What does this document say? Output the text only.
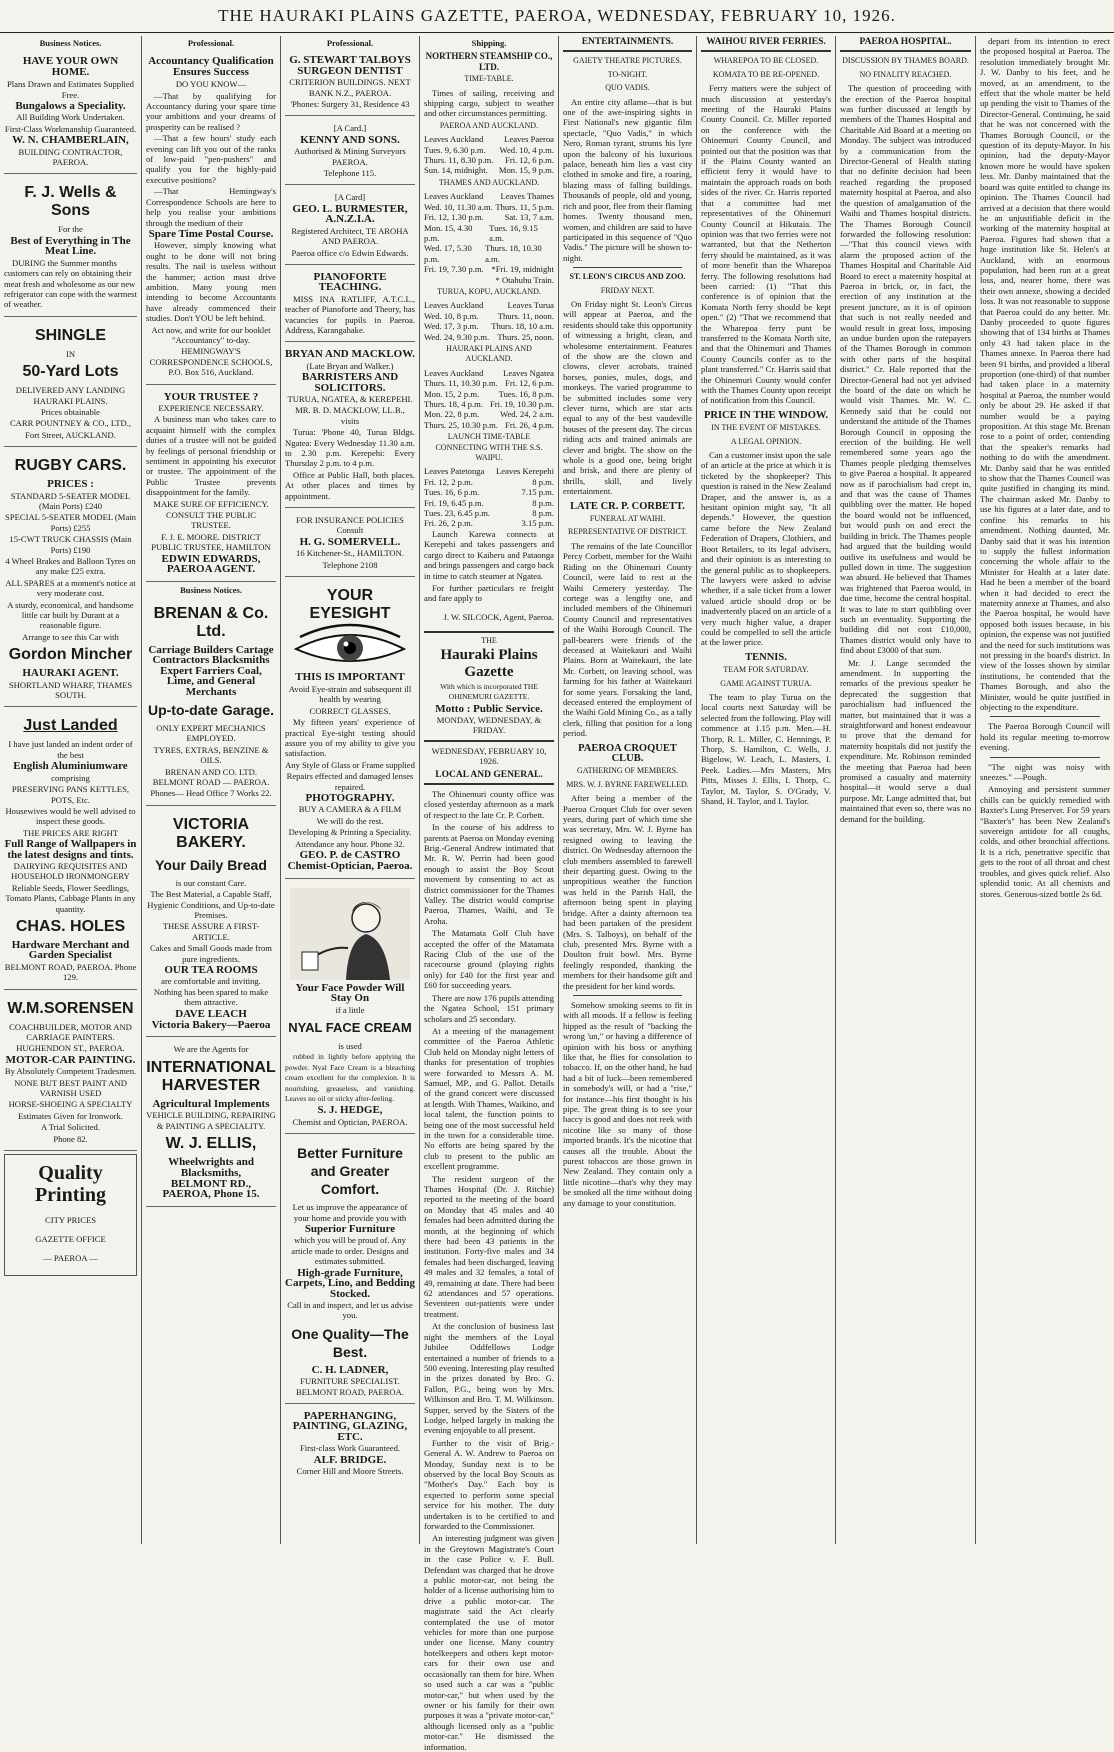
THE HAURAKI PLAINS GAZETTE, PAEROA, WEDNESDAY, FEBRUARY 10, 1926.
Business Notices.
HAVE YOUR OWN HOME.

Plans Drawn and Estimates Supplied Free.

Bungalows a Speciality.

All Building Work Undertaken.

First-Class Workmanship Guaranteed.

W. N. CHAMBERLAIN,

BUILDING CONTRACTOR, PAEROA.

F. J. Wells & Sons

For the

Best of Everything in The Meat Line.

DURING the Summer months customers can rely on obtaining their meat fresh and wholesome as our new refrigerator can cope with the warmest of weather.

SHINGLE

IN

50-Yard Lots

DELIVERED ANY LANDING HAURAKI PLAINS.

Prices obtainable

CARR POUNTNEY & CO., LTD.,

Fort Street, AUCKLAND.

RUGBY CARS.

PRICES :

STANDARD 5-SEATER MODEL (Main Ports) £240

SPECIAL 5-SEATER MODEL (Main Ports) £255

15-CWT TRUCK CHASSIS (Main Ports) £190

4 Wheel Brakes and Balloon Tyres on any make £25 extra.

ALL SPARES at a moment's notice at very moderate cost.

A sturdy, economical, and handsome little car built by Durant at a reasonable figure.

Arrange to see this Car with

Gordon Mincher

HAURAKI AGENT.

SHORTLAND WHARF, THAMES SOUTH.

Just Landed

I have just landed an indent order of the best

English Aluminiumware

comprising

PRESERVING PANS KETTLES, POTS, Etc.

Housewives would be well advised to inspect these goods.

THE PRICES ARE RIGHT

Full Range of Wallpapers in the latest designs and tints.

DAIRYING REQUISITES AND HOUSEHOLD IRONMONGERY

Reliable Seeds, Flower Seedlings, Tomato Plants, Cabbage Plants in any quantity.

CHAS. HOLES

Hardware Merchant and Garden Specialist

BELMONT ROAD, PAEROA. Phone 129.

W.M.SORENSEN

COACHBUILDER, MOTOR AND CARRIAGE PAINTERS.

HUGHENDON ST., PAEROA.

MOTOR-CAR PAINTING.

By Absolutely Competent Tradesmen.

NONE BUT BEST PAINT AND VARNISH USED

HORSE-SHOEING A SPECIALTY

Estimates Given for Ironwork.

A Trial Solicited.

Phone 82.

Quality Printing

CITY PRICES

GAZETTE OFFICE

— PAEROA —

Professional.
Accountancy Qualification Ensures Success

DO YOU KNOW—

—That by qualifying for Accountancy during your spare time your ambitions and your dreams of prosperity can be realised ?

—That a few hours' study each evening can lift you out of the ranks of low-paid "pen-pushers" and qualify you for the highly-paid executive positions?

—That Hemingway's Correspondence Schools are here to help you realise your ambitions through the medium of their

Spare Time Postal Course.

However, simply knowing what ought to be done will not bring results. The nail is useless without the hammer; action must drive ambition. Many young men intending to become Accountants have already commenced their studies. Don't YOU be left behind.

Act now, and write for our booklet "Accountancy" to-day.

HEMINGWAY'S CORRESPONDENCE SCHOOLS, P.O. Box 516, Auckland.

YOUR TRUSTEE ?

EXPERIENCE NECESSARY.

A business man who takes care to acquaint himself with the complex duties of a trustee will not be guided by feelings of personal friendship or sentiment in appointing his executor or trustee. The appointment of the Public Trustee prevents disappointment for the family.

MAKE SURE OF EFFICIENCY.

CONSULT THE PUBLIC TRUSTEE.

F. J. E. MOORE. DISTRICT PUBLIC TRUSTEE, HAMILTON

EDWIN EDWARDS, PAEROA AGENT.

Business Notices.
BRENAN & Co. Ltd.

Carriage Builders Cartage Contractors Blacksmiths Expert Farriers Coal, Lime, and General Merchants

Up-to-date Garage.

ONLY EXPERT MECHANICS EMPLOYED.

TYRES, EXTRAS, BENZINE & OILS.

BRENAN AND CO. LTD. BELMONT ROAD — PAEROA.

Phones— Head Office 7 Works 22.

VICTORIA BAKERY.
Your Daily Bread

is our constant Care.

The Best Material, a Capable Staff, Hygienic Conditions, and Up-to-date Premises.

THESE ASSURE A FIRST-ARTICLE.

Cakes and Small Goods made from pure ingredients.

OUR TEA ROOMS

are comfortable and inviting. Nothing has been spared to make them attractive.

DAVE LEACH

Victoria Bakery—Paeroa

We are the Agents for

INTERNATIONAL HARVESTER

Agricultural Implements

VEHICLE BUILDING, REPAIRING & PAINTING A SPECIALITY.

W. J. ELLIS,

Wheelwrights and Blacksmiths,

BELMONT RD., PAEROA, Phone 15.

Professional.

G. STEWART TALBOYS SURGEON DENTIST

CRITERION BUILDINGS. NEXT BANK N.Z., PAEROA.

'Phones: Surgery 31, Residence 43

[A Card.]

KENNY AND SONS.

Authorised & Mining Surveyors PAEROA.

Telephone 115.

[A Card]

GEO. L. BURMESTER, A.N.Z.I.A.

Registered Architect, TE AROHA AND PAEROA.

Paeroa office c/o Edwin Edwards.

PIANOFORTE TEACHING.

MISS INA RATLIFF, A.T.C.L., teacher of Pianoforte and Theory, has vacancies for pupils in Paeroa. Address, Karangahake.

BRYAN AND MACKLOW.

(Late Bryan and Walker.)

BARRISTERS AND SOLICITORS.

TURUA, NGATEA, & KEREPEHI.

MR. B. D. MACKLOW, LL.B., visits

Turua: 'Phone 40, Turua Bldgs. Ngatea: Every Wednesday 11.30 a.m. to 2.30 p.m. Kerepehi: Every Thursday 2 p.m. to 4 p.m.

Office at Public Hall, both places. At other places and times by appointment.

FOR INSURANCE POLICIES Consult

H. G. SOMERVELL.

16 Kitchener-St., HAMILTON.

Telephone 2108

YOUR EYESIGHT

THIS IS IMPORTANT

Avoid Eye-strain and subsequent ill health by wearing

CORRECT GLASSES.

My fifteen years' experience of practical Eye-sight testing should assure you of my ability to give you satisfaction.

Any Style of Glass or Frame supplied

Repairs effected and damaged lenses repaired.

PHOTOGRAPHY.

BUY A CAMERA & A FILM

We will do the rest.

Developing & Printing a Speciality.

Attendance any hour. Phone 32.

GEO. P. de CASTRO

Chemist-Optician, Paeroa.

Your Face Powder Will Stay On

if a little

NYAL FACE CREAM

is used

rubbed in lightly before applying the powder. Nyal Face Cream is a bleaching cream excellent for the complexion. It is nourishing, greaseless, and vanishing. Leaves no oil or sticky after-feeling.

S. J. HEDGE,

Chemist and Optician, PAEROA.

Better Furniture and Greater Comfort.

Let us improve the appearance of your home and provide you with

Superior Furniture

which you will be proud of. Any article made to order. Designs and estimates submitted.

High-grade Furniture, Carpets, Lino, and Bedding Stocked.

Call in and inspect, and let us advise you.

One Quality—The Best.

C. H. LADNER,

FURNITURE SPECIALIST. BELMONT ROAD, PAEROA.

PAPERHANGING, PAINTING, GLAZING, ETC.

First-class Work Guaranteed.

ALF. BRIDGE.

Corner Hill and Moore Streets.

Shipping.

NORTHERN STEAMSHIP CO., LTD.

TIME-TABLE.

Times of sailing, receiving and shipping cargo, subject to weather and other circumstances permitting.

PAEROA AND AUCKLAND.
Leaves Auckland Leaves Paeroa
Tues. 9, 6.30 p.m. Wed. 10, 4 p.m.
Thurs. 11, 8.30 p.m. Fri. 12, 6 p.m.
Sun. 14, midnight. Mon. 15, 9 p.m.
THAMES AND AUCKLAND.
Leaves Auckland Leaves Thames
Wed. 10, 11.30 a.m. Thurs. 11, 5 p.m.
Fri. 12, 1.30 p.m. Sat. 13, 7 a.m.
Mon. 15, 4.30 p.m.
Tues. 16, 9.15 a.m.
Wed. 17, 5.30 p.m.
Thurs. 18, 10.30 a.m.
Fri. 19, 7.30 p.m. *Fri. 19, midnight
* Otahuhu Train.
TURUA, KOPU, AUCKLAND.
Leaves Auckland	Leaves Turua
Wed. 10, 8 p.m. Thurs. 11, noon.
Wed. 17, 3 p.m. Thurs. 18, 10 a.m.
Wed. 24, 9.30 p.m. Thurs. 25, noon.
HAURAKI PLAINS AND AUCKLAND.
Leaves Auckland Leaves Ngatea
Thurs. 11, 10.30 p.m. Fri. 12, 6 p.m.
Mon. 15, 2 p.m. Tues. 16, 8 p.m.
Thurs. 18, 4 p.m. Fri. 19, 10.30 p.m.
Mon. 22, 8 p.m. Wed. 24, 2 a.m.
Thurs. 25, 10.30 p.m. Fri. 26, 4 p.m.
LAUNCH TIME-TABLE CONNECTING WITH THE S.S. WAIPU.
Leaves Patetonga Leaves Kerepehi
Fri. 12, 2 p.m.	8 p.m.
Tues. 16, 6 p.m.	7.15 p.m.
Fri. 19, 6.45 p.m.	8 p.m.
Tues. 23, 6.45 p.m.	8 p.m.
Fri. 26, 2 p.m.	3.15 p.m.

Launch Karewa connects at Kerepehi and takes passengers and cargo direct to Kaiheru and Pataonga and brings passengers and cargo back in time to catch steamer at Ngatea.

For further particulars re freight and fare apply to

J. W. SILCOCK, Agent, Paeroa.

THE

Hauraki Plains Gazette

With which is incorporated THE OHINEMURI GAZETTE.

Motto : Public Service.

MONDAY, WEDNESDAY, & FRIDAY.

WEDNESDAY, FEBRUARY 10, 1926.

LOCAL AND GENERAL.

The Ohinemuri county office was closed yesterday afternoon as a mark of respect to the late Cr. P. Corbett.

In the course of his address to parents at Paeroa on Monday evening Brig.-General Andrew intimated that Mr. R. W. Perrin had been good enough to assist the Boy Scout movement by consenting to act as district commissioner for the Thames Valley. The district would comprise Paeroa, Thames, Waihi, and Te Aroha.

The Matamata Golf Club have accepted the offer of the Matamata Racing Club of the use of the racecourse ground (playing rights only) for £40 for the first year and £60 for succeeding years.

There are now 176 pupils attending the Ngatea School, 151 primary scholars and 25 secondary.

At a meeting of the management committee of the Paeroa Athletic Club held on Monday night letters of thanks for presentation of trophies were forwarded to Messrs A. M. Samuel, MP., and G. Pallot. Details of the grand concert were discussed at length. With Thames, Waikino, and local talent, the function points to being one of the most successful held in the town for a considerable time. No efforts are being spared by the club to present to the public an excellent programme.

The resident surgeon of the Thames Hospital (Dr. J. Ritchie) reported to the meeting of the board on Monday that 45 males and 40 females had been admitted during the month, at the beginning of which there had been 43 patients in the institution. Forty-five males and 34 females had been discharged, leaving 49 males and 32 females, a total of 49, remaining at date. There had been 62 attendances and 57 operations. Seventeen out-patients were under treatment.

At the conclusion of business last night the members of the Loyal Jubilee Oddfellows Lodge entertained a number of friends to a 500 evening. Interesting play resulted in the prizes donated by Bro. G. Fallon, P.G., being won by Mrs. Wilkinson and Bro. T. M. Wilkinson. Supper, served by the Sisters of the Lodge, helped largely in making the evening enjoyable to all present.

Further to the visit of Brig.-General A. W. Andrew to Paeroa on Monday, Sunday next is to be observed by the local Boy Scouts as "Mother's Day." Each boy is expected to perform some special service for his mother. The duty undertaken is to be certified to and forwarded to the Commissioner.

An interesting judgment was given in the Greytown Magistrate's Court in the case Police v. F. Bull. Defendant was charged that he drove a public motor-car, not being the holder of a license authorising him to drive a public motor-car. The magistrate said the Act clearly contemplated the use of motor vehicles for more than one purpose under one license. Many country hotelkeepers and others kept motor-cars for their own use and occasionally ran them for hire. When so used such a car was a "public motor-car," but when used by the owner or his family for their own purposes it was a "private motor-car," although licensed only as a "public motor-car." He dismissed the information.

ENTERTAINMENTS.
GAIETY THEATRE PICTURES.
TO-NIGHT.
QUO VADIS.

An entire city aflame—that is but one of the awe-inspiring sights in First National's new gigantic film spectacle, "Quo Vadis," in which Nero, Roman tyrant, strums his lyre upon the balcony of his luxurious palace, beneath him lies a vast city clothed in smoke and fire, a roaring, blazing mass of falling buildings. Thousands of people, old and young, rich and poor, flee from their flaming homes. Twenty thousand men, women, and children are said to have participated in this sequence of "Quo Vadis." The picture will be shown to-night.

ST. LEON'S CIRCUS AND ZOO.
FRIDAY NEXT.

On Friday night St. Leon's Circus will appear at Paeroa, and the residents should take this opportunity of witnessing a bright, clean, and wholesome entertainment. Features of the show are the clown and clowns, clever acrobats, trained horses, ponies, mules, dogs, and monkeys. The varied programme to be submitted includes some very clever turns, which are star acts equal to any of the best vaudeville houses of the present day. The circus riding acts and trained animals are clever and bright. The show on the whole is a good one, being bright and brisk, and there are plenty of thrills, skill, and lively entertainment.

LATE CR. P. CORBETT.
FUNERAL AT WAIHI.
REPRESENTATIVE OF DISTRICT.

The remains of the late Councillor Percy Corbett, member for the Waihi Riding on the Ohinemuri County Council, were laid to rest at the Waihi Cemetery yesterday. The cortege was a lengthy one, and included members of the Ohinemuri County Council and representatives of the Waihi Borough Council. The pall-bearers were friends of the deceased at Waitekauri and Waihi Plains. Born at Waitekauri, the late Mr. Corbett, on leaving school, was farming for his father at Waitekauri for some years. Forsaking the land, deceased entered the employment of the Waihi Gold Mining Co., as a tally clerk, filling that position for a long period.

PAEROA CROQUET CLUB.
GATHERING OF MEMBERS.
MRS. W. J. BYRNE FAREWELLED.

After being a member of the Paeroa Croquet Club for over seven years, during part of which time she was secretary, Mrs. W. J. Byrne has resigned owing to leaving the district. On Wednesday afternoon the club members assembled to farewell their departing guest. Owing to the unpropitious weather the function was held in the Parish Hall, the afternoon being spent in playing bridge. After a dainty afternoon tea had been partaken of the president (Mrs. S. Talboys), on behalf of the club, presented Mrs. Byrne with a Doulton fruit bowl. Mrs. Byrne feelingly responded, thanking the members for their handsome gift and the president for her kind words.

Somehow smoking seems to fit in with all moods. If a fellow is feeling hipped as the result of "backing the wrong 'un," or having a difference of opinion with his boss or anything like that, he flies for consolation to tobacco. If, on the other hand, he had had a bit of luck—been remembered in somebody's will, or had a "rise," for instance—his first thought is his pipe. The great thing is to see your baccy is good and does not reek with nicotine like so many of those imported brands. It's the nicotine that causes all the trouble. About the purest tobaccos are those grown in New Zealand. They contain only a little nicotine—that's why they may be smoked all the time without doing any damage to your constitution.

WAIHOU RIVER FERRIES.
WHAREPOA TO BE CLOSED.
KOMATA TO BE RE-OPENED.

Ferry matters were the subject of much discussion at yesterday's meeting of the Hauraki Plains County Council. Cr. Miller reported on the conference with the Ohinemuri County Council, and pointed out that the position was that if the Plains County wanted an efficient ferry it would have to maintain the approach roads on both sides of the river. Cr. Harris reported that a committee had met representatives of the Ohinemuri County Council at Hikutaia. The opinion was that two ferries were not warranted, but that the Netherton ferry should be maintained, as it was of more benefit than the Wharepoa ferry. The following resolutions had been carried: (1) "That this conference is of opinion that the Komata North ferry should be kept open." (2) "That we recommend that the Wharepoa ferry punt be transferred to the Komata North site, and that the Ohinemuri and Thames County Councils confer as to the plant transferred." Cr. Harris said that the Ohinemuri County would confer with the Thames County upon receipt of notification from this Council.

PRICE IN THE WINDOW.
IN THE EVENT OF MISTAKES.
A LEGAL OPINION.

Can a customer insist upon the sale of an article at the price at which it is ticketed by the shopkeeper? This question is raised in the New Zealand Draper, and the answer is, as a hesitant opinion might say, "It all depends." However, the question came before the New Zealand Federation of Drapers, Clothiers, and Boot Retailers, to its legal advisers, and their opinion is as interesting to the general public as to shopkeepers. The lawyers were asked to advise whether, if a sale ticket from a lower valued article should drop or be inadvertently placed on an article of a very much higher value, a draper could be compelled to sell the article at the lower price.

TENNIS.
TEAM FOR SATURDAY.
GAME AGAINST TURUA.

The team to play Turua on the local courts next Saturday will be selected from the following. Play will commence at 1.15 p.m. Men.—H. Thorp, R. L. Miller, C. Hennings, P. Thorp, S. Hamilton, C. Wells, J. Bigelow, W. Leach, L. Masters, I. Peek. Ladies.—Mrs Masters, Mrs Pitts, Misses J. Ellis, I. Thorp, C. Taylor, M. Taylor, S. O'Grady, V. Shand, H. Taylor, and I. Taylor.

PAEROA HOSPITAL.
DISCUSSION BY THAMES BOARD.
NO FINALITY REACHED.

The question of proceeding with the erection of the Paeroa hospital was further discussed at length by members of the Thames Hospital and Charitable Aid Board at a meeting on Monday. The subject was introduced by a communication from the Director-General of Health stating that no definite decision had been reached regarding the proposed maternity hospital at Paeroa, and also the question of amalgamation of the Waihi and Thames hospital districts. The Thames Borough Council forwarded the following resolution:—"That this council views with alarm the proposed action of the Thames Hospital and Charitable Aid Board to erect a maternity hospital at Paeroa in brick, or, in fact, the erection of any institution at the present juncture, as it is of opinion that such is not really needed and would result in great loss, imposing an undue burden upon the ratepayers of the Thames Borough in common with other parts of the hospital district." Cr. Hale reported that the Director-General had not yet advised the board of the date on which he would visit Thames. Mr. W. C. Kennedy said that he could not understand the attitude of the Thames Borough Council in opposing the erection of the building. He well remembered some years ago the Thames people pledging themselves to give Paeroa a hospital. It appeared now as if parochialism had crept in, and that was the cause of Thames quibbling over the matter. He hoped the board would not be influenced, but would push on and erect the building in brick. The Thames people had argued that the building would outlive its usefulness and would be pulled down in time. The suggestion was absurd. He believed that Thames was frightened that Paeroa would, in due time, become the central hospital. It was to late to start quibbling over such an eventuality. Supporting the building did not cost £10,000, Thames district would only have to find about £3000 of that sum.

Mr. J. Lange seconded the amendment. In supporting the remarks of the previous speaker he deprecated the suggestion that parochialism had influenced the matter, but maintained that it was a straightforward and honest endeavour to prove that the demand for maternity hospitals did not justify the expenditure. Mr. Robinson reminded the meeting that Paeroa had been promised a casualty and maternity hospital—it would serve a dual purpose. Mr. Lange admitted that, but maintained that even so, there was no demand for the building.

depart from its intention to erect the proposed hospital at Paeroa. The resolution immediately brought Mr. J. W. Danby to his feet, and he moved, as an amendment, to the effect that the whole matter be held up pending the visit to Thames of the Director-General. Continuing, he said that he was not concerned with the Thames Borough Council, or the question of its deputy-Mayor. In his opinion, had the deputy-Mayor known more he would have spoken less. Mr. Danby maintained that the board was quite entitled to change its opinion. The Thames Council had arrived at a decision that there would be an unjustifiable deficit in the working of the maternity hospital at Paeroa. Figures had shown that a huge institution like St. Helen's at Auckland, with an enormous population, had been run at a great loss, and, nearer home, there was their own annexe, showing a decided loss. It was not reasonable to suppose that Paeroa could do any better. Mr. Danby proceeded to quote figures showing that of 134 births at Thames only 43 had taken place in the Thames annexe. In Paeroa there had been 91 births, and provided a liberal proportion (one-third) of that number had taken place in a maternity hospital at Paeroa, the number would only be about 29. He asked if that number would be a paying proposition. At this stage Mr. Brenan rose to a point of order, contending that the speaker's remarks had nothing to do with the amendment. Mr. Danby said that he was entitled to show that the Thames Council was quite justified in changing its mind. The chairman asked Mr. Danby to use his figures at a later date, and to confine his remarks to his amendment. Nothing daunted, Mr. Danby said that it was his intention to supply the fullest information concerning the whole affair to the Minister for Health at a later date. Had he been a member of the board when it had decided to erect the maternity annexe at Thames, and also the Paeroa hospital, he would have opposed both issues because, in his opinion, the expense was not justified and the need for such institutions was not pressing in the board's district. In view of the losses shown by similar institutions, he contended that the Thames Borough, and also the Minister, would be quite justified in objecting to the expenditure.

The Paeroa Borough Council will hold its regular meeting to-morrow evening.

"The night was noisy with sneezes." —Pough.

Annoying and persistent summer chills can be quickly remedied with Baxter's Lung Preserver. For 59 years "Baxter's" has been New Zealand's sovereign antidote for all coughs, colds, and other bronchial affections. It is a rich, penetrative specific that gets to the root of all throat and chest troubles, and gives quick relief. Also splendid tonic. At all chemists and stores. Generous-sized bottle 2s 6d.
